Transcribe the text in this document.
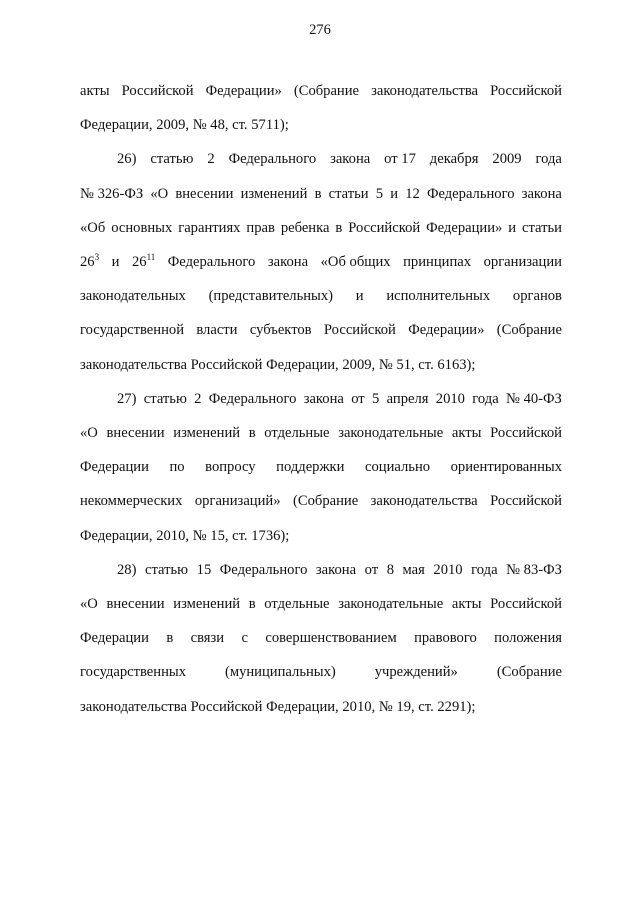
276
акты Российской Федерации» (Собрание законодательства Российской
Федерации, 2009, № 48, ст. 5711);
26) статью 2 Федерального закона от 17 декабря 2009 года
№ 326-ФЗ «О внесении изменений в статьи 5 и 12 Федерального закона
«Об основных гарантиях прав ребенка в Российской Федерации» и статьи
$26^3$ и $26^{11}$ Федерального закона «Об общих принципах организации
законодательных (представительных) и исполнительных органов
государственной власти субъектов Российской Федерации» (Собрание
законодательства Российской Федерации, 2009, № 51, ст. 6163);
27) статью 2 Федерального закона от 5 апреля 2010 года № 40-ФЗ
«О внесении изменений в отдельные законодательные акты Российской
Федерации по вопросу поддержки социально ориентированных
некоммерческих организаций» (Собрание законодательства Российской
Федерации, 2010, № 15, ст. 1736);
28) статью 15 Федерального закона от 8 мая 2010 года № 83-ФЗ
«О внесении изменений в отдельные законодательные акты Российской
Федерации в связи с совершенствованием правового положения
государственных	(муниципальных)	учреждений»	(Собрание
законодательства Российской Федерации, 2010, № 19, ст. 2291);
